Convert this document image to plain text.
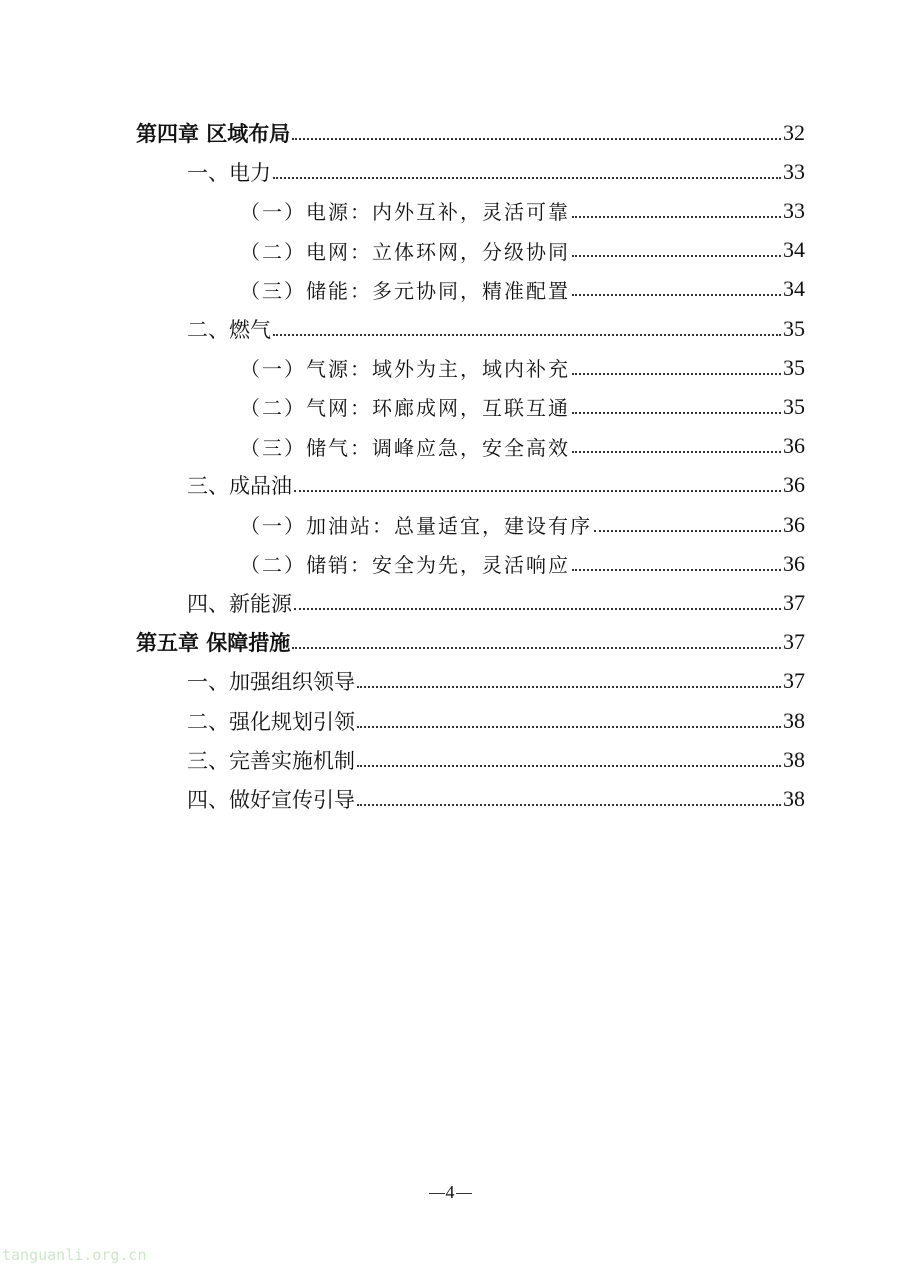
第四章 区域布局	32
一、电力	33
（一）电源：内外互补，灵活可靠	33
（二）电网：立体环网，分级协同	34
（三）储能：多元协同，精准配置	34
二、燃气	35
（一）气源：域外为主，域内补充	35
（二）气网：环廊成网，互联互通	35
（三）储气：调峰应急，安全高效	36
三、成品油	36
（一）加油站：总量适宜，建设有序	36
（二）储销：安全为先，灵活响应	36
四、新能源	37
第五章 保障措施	37
一、加强组织领导	37
二、强化规划引领	38
三、完善实施机制	38
四、做好宣传引导	38
4
tanguanli.org.cn
